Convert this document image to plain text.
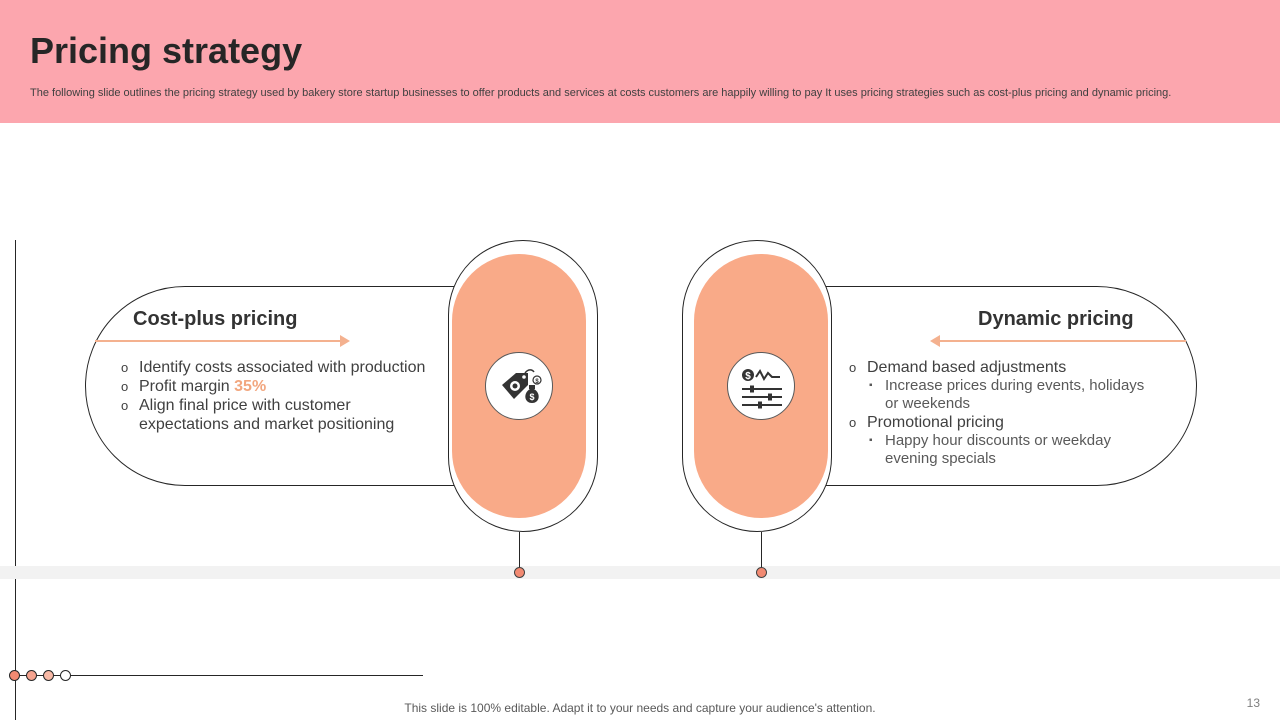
Pricing strategy
The following slide outlines the pricing strategy used by bakery store startup businesses to offer products and services at costs customers are happily willing to pay It uses pricing strategies such as cost-plus pricing and dynamic pricing.
$
$
Cost-plus pricing
o Identify costs associated with production
o Profit margin 35%
o Align final price with customer expectations and market positioning
$
Dynamic pricing
o Demand based adjustments
▪ Increase prices during events, holidays or weekends
o Promotional pricing
▪ Happy hour discounts or weekday evening specials
This slide is 100% editable. Adapt it to your needs and capture your audience's attention.	13
